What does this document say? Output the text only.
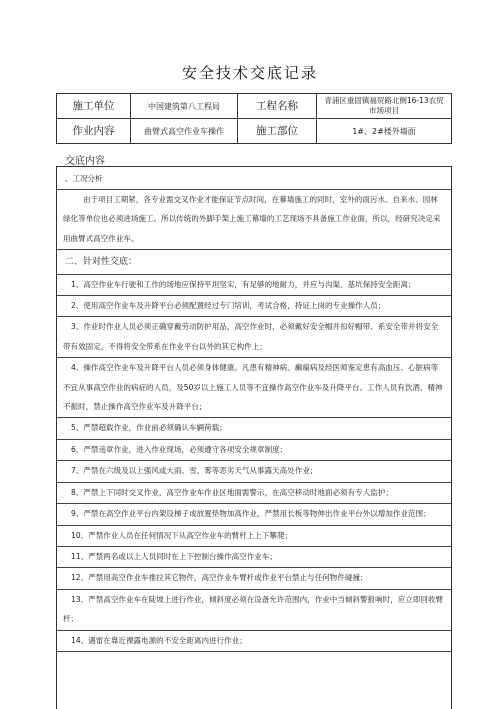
安全技术交底记录
施工单位	中国建筑第八工程局	工程名称	青浦区重固镇福贸路北侧16-13农贸市场项目
作业内容	曲臂式高空作业车操作	施工部位	1#、2#楼外墙面
交底内容
、工况分析

由于项目工期紧，各专业需交叉作业才能保证节点时间，在幕墙施工的同时，室外的雨污水、自来水、园林绿化等单位也必须进场施工。所以传统的外脚手架上施工幕墙的工艺现场不具备施工作业面，所以，经研究决定采用曲臂式高空作业车。

二、针对性交底：

1、高空作业车行驶和工作的场地应保持平坦坚实，有足够的地耐力，并应与沟渠、基坑保持安全距离；

2、使用高空作业车及升降平台必须配置经过专门培训，考试合格，持证上岗的专业操作人员；

3、作业时作业人员必须正确穿戴劳动防护用品，高空作业时，必须戴好安全帽并扣好帽带、系安全带并将安全带有效固定，不得将安全带系在作业平台以外的其它构件上；

4、操作高空作业车及升降平台人员必须身体健康。凡患有精神病、癫痫病及经医师鉴定患有高血压、心脏病等不宜从事高空作业的病症的人员，及50岁以上施工人员等不宜操作高空作业车及升降平台。工作人员有饮酒、精神不振时，禁止操作高空作业车及升降平台；

5、严禁超载作业，作业前必须确认车辆荷载；

6、严禁违章作业，进入作业现场，必须遵守各项安全规章制度；

7、严禁在六级及以上强风或大雨、雪、雾等恶劣天气从事露天高处作业；

8、严禁上下同时交叉作业，高空作业车作业区地面需警示，在高空移动时地面必须有专人监护；

9、严禁在高空作业平台内架设梯子或放置垫物加高作业，严禁用长板等物伸出作业平台外以增加作业范围；

10、严禁作业人员在任何情况下从高空作业车的臂杆上上下攀爬；

11、严禁两名或以上人员同时在上下控制台操作高空作业车；

12、严禁用高空作业车推拉其它物件，高空作业车臂杆或作业平台禁止与任何物件碰撞；

13、严禁高空作业车在陡坡上进行作业，倾斜度必须在设备允许范围内，作业中当倾斜警报响时，应立即回收臂杆；

14、遇雷在靠近裸露电源的不安全距离内进行作业；
